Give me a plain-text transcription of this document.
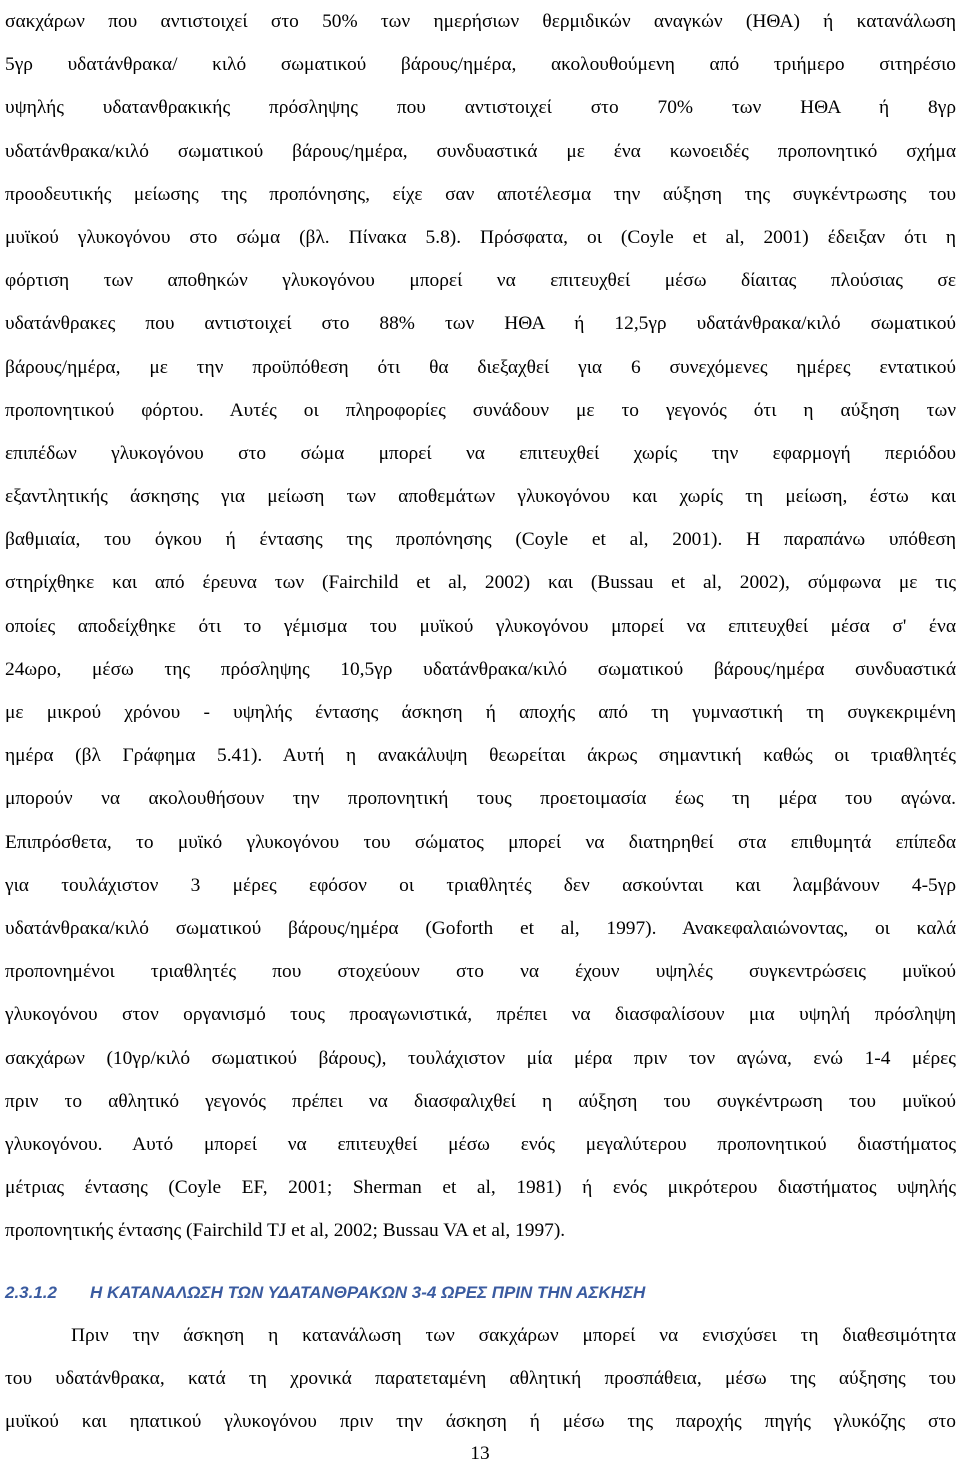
σακχάρων που αντιστοιχεί στο 50% των ημερήσιων θερμιδικών αναγκών (ΗΘΑ) ή κατανάλωση
5γρ υδατάνθρακα/ κιλό σωματικού βάρους/ημέρα, ακολουθούμενη από τριήμερο σιτηρέσιο
υψηλής υδατανθρακικής πρόσληψης που αντιστοιχεί στο 70% των ΗΘΑ ή 8γρ
υδατάνθρακα/κιλό σωματικού βάρους/ημέρα, συνδυαστικά με ένα κωνοειδές προπονητικό σχήμα
προοδευτικής μείωσης της προπόνησης, είχε σαν αποτέλεσμα την αύξηση της συγκέντρωσης του
μυϊκού γλυκογόνου στο σώμα (βλ. Πίνακα 5.8). Πρόσφατα, οι (Coyle et al, 2001) έδειξαν ότι η
φόρτιση των αποθηκών γλυκογόνου μπορεί να επιτευχθεί μέσω δίαιτας πλούσιας σε
υδατάνθρακες που αντιστοιχεί στο 88% των ΗΘΑ ή 12,5γρ υδατάνθρακα/κιλό σωματικού
βάρους/ημέρα, με την προϋπόθεση ότι θα διεξαχθεί για 6 συνεχόμενες ημέρες εντατικού
προπονητικού φόρτου. Αυτές οι πληροφορίες συνάδουν με το γεγονός ότι η αύξηση των
επιπέδων γλυκογόνου στο σώμα μπορεί να επιτευχθεί χωρίς την εφαρμογή περιόδου
εξαντλητικής άσκησης για μείωση των αποθεμάτων γλυκογόνου και χωρίς τη μείωση, έστω και
βαθμιαία, του όγκου ή έντασης της προπόνησης (Coyle et al, 2001). Η παραπάνω υπόθεση
στηρίχθηκε και από έρευνα των (Fairchild et al, 2002) και (Bussau et al, 2002), σύμφωνα με τις
οποίες αποδείχθηκε ότι το γέμισμα του μυϊκού γλυκογόνου μπορεί να επιτευχθεί μέσα σ' ένα
24ωρο, μέσω της πρόσληψης 10,5γρ υδατάνθρακα/κιλό σωματικού βάρους/ημέρα συνδυαστικά
με μικρού χρόνου - υψηλής έντασης άσκηση ή αποχής από τη γυμναστική τη συγκεκριμένη
ημέρα (βλ Γράφημα 5.41). Αυτή η ανακάλυψη θεωρείται άκρως σημαντική καθώς οι τριαθλητές
μπορούν να ακολουθήσουν την προπονητική τους προετοιμασία έως τη μέρα του αγώνα.
Επιπρόσθετα, το μυϊκό γλυκογόνου του σώματος μπορεί να διατηρηθεί στα επιθυμητά επίπεδα
για τουλάχιστον 3 μέρες εφόσον οι τριαθλητές δεν ασκούνται και λαμβάνουν 4-5γρ
υδατάνθρακα/κιλό σωματικού βάρους/ημέρα (Goforth et al, 1997). Ανακεφαλαιώνοντας, οι καλά
προπονημένοι τριαθλητές που στοχεύουν στο να έχουν υψηλές συγκεντρώσεις μυϊκού
γλυκογόνου στον οργανισμό τους προαγωνιστικά, πρέπει να διασφαλίσουν μια υψηλή πρόσληψη
σακχάρων (10γρ/κιλό σωματικού βάρους), τουλάχιστον μία μέρα πριν τον αγώνα, ενώ 1-4 μέρες
πριν το αθλητικό γεγονός πρέπει να διασφαλιχθεί η αύξηση του συγκέντρωση του μυϊκού
γλυκογόνου. Αυτό μπορεί να επιτευχθεί μέσω ενός μεγαλύτερου προπονητικού διαστήματος
μέτριας έντασης (Coyle EF, 2001; Sherman et al, 1981) ή ενός μικρότερου διαστήματος υψηλής
προπονητικής έντασης (Fairchild TJ et al, 2002; Bussau VA et al, 1997).
2.3.1.2 Η ΚΑΤΑΝΑΛΩΣΗ ΤΩΝ ΥΔΑΤΑΝΘΡΑΚΩΝ 3-4 ΩΡΕΣ ΠΡΙΝ ΤΗΝ ΑΣΚΗΣΗ
Πριν την άσκηση η κατανάλωση των σακχάρων μπορεί να ενισχύσει τη διαθεσιμότητα
του υδατάνθρακα, κατά τη χρονικά παρατεταμένη αθλητική προσπάθεια, μέσω της αύξησης του
μυϊκού και ηπατικού γλυκογόνου πριν την άσκηση ή μέσω της παροχής πηγής γλυκόζης στο
13
